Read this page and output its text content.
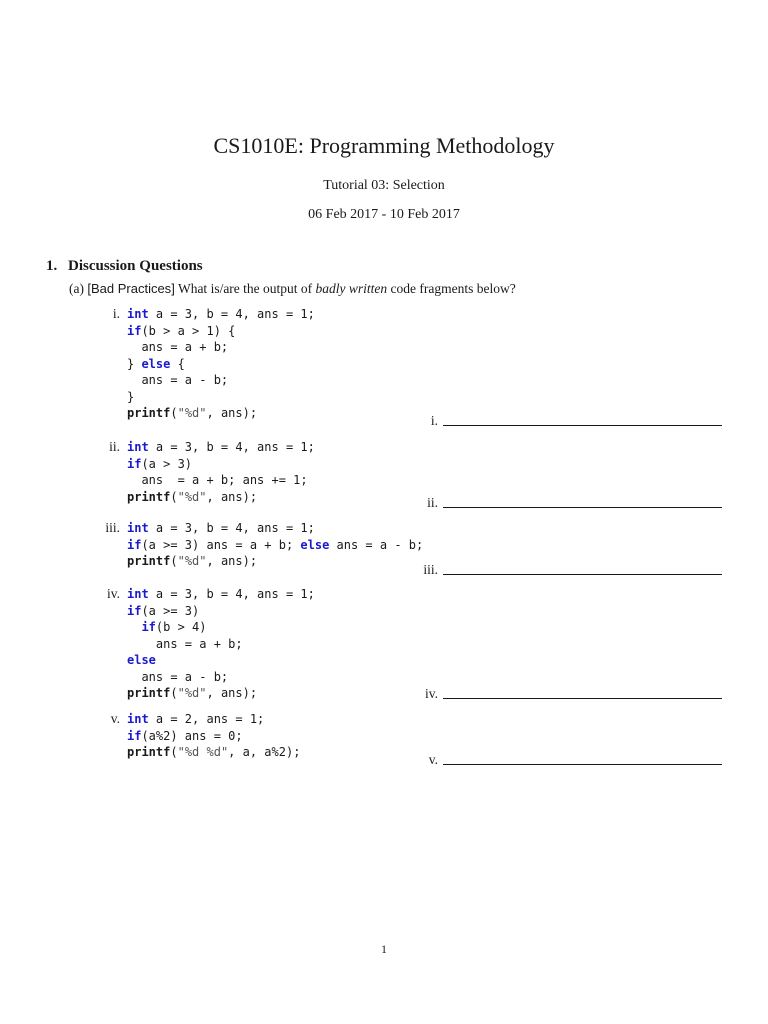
CS1010E: Programming Methodology
Tutorial 03: Selection
06 Feb 2017 - 10 Feb 2017
1. Discussion Questions
(a) [Bad Practices] What is/are the output of badly written code fragments below?
i. int a = 3, b = 4, ans = 1;
if(b > a > 1) {
ans = a + b;
} else {
ans = a - b;
}
printf("%d", ans);	i.
ii. int a = 3, b = 4, ans = 1;
if(a > 3)
ans  = a + b; ans += 1;
printf("%d", ans);	ii.
iii. int a = 3, b = 4, ans = 1;
if(a >= 3) ans = a + b; else ans = a - b;
printf("%d", ans);
iii.
iv. int a = 3, b = 4, ans = 1;
if(a >= 3)
if(b > 4)
ans = a + b;
else
ans = a - b;
printf("%d", ans);	iv.
v. int a = 2, ans = 1;
if(a%2) ans = 0;
printf("%d %d", a, a%2);	v.
1
